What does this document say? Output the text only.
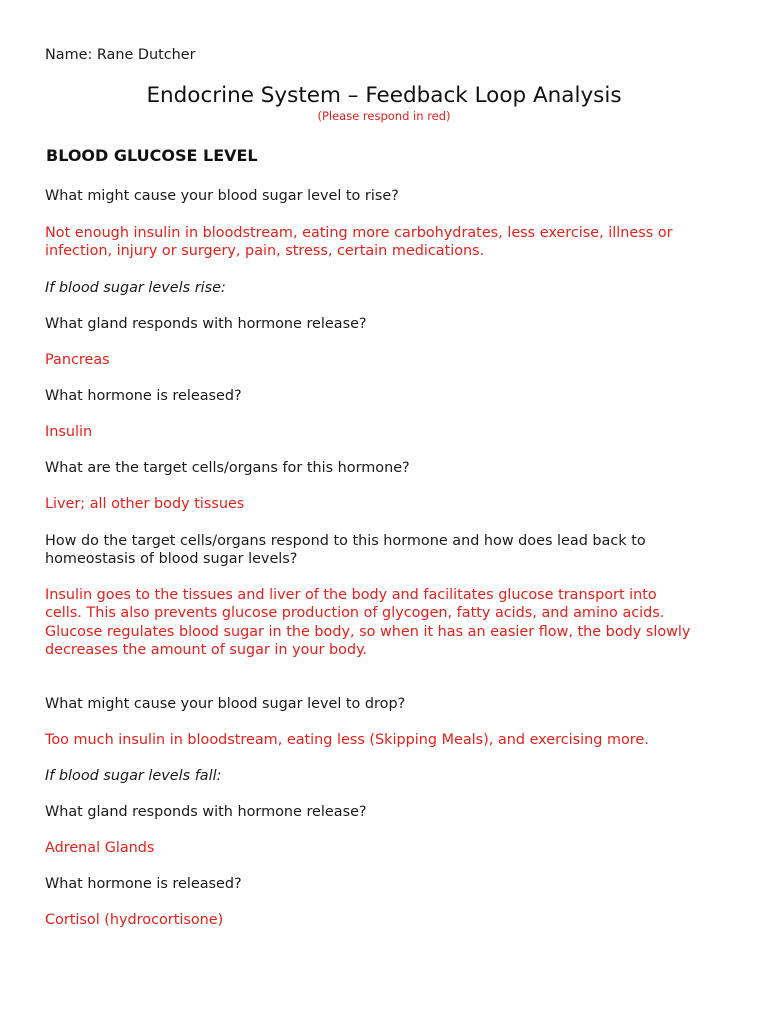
Name: Rane Dutcher

Endocrine System – Feedback Loop Analysis
(Please respond in red)
BLOOD GLUCOSE LEVEL

What might cause your blood sugar level to rise?

Not enough insulin in bloodstream, eating more carbohydrates, less exercise, illness or
infection, injury or surgery, pain, stress, certain medications.

If blood sugar levels rise:

What gland responds with hormone release?

Pancreas

What hormone is released?

Insulin

What are the target cells/organs for this hormone?

Liver; all other body tissues

How do the target cells/organs respond to this hormone and how does lead back to
homeostasis of blood sugar levels?
Insulin goes to the tissues and liver of the body and facilitates glucose transport into
cells. This also prevents glucose production of glycogen, fatty acids, and amino acids.
Glucose regulates blood sugar in the body, so when it has an easier flow, the body slowly
decreases the amount of sugar in your body.

What might cause your blood sugar level to drop?

Too much insulin in bloodstream, eating less (Skipping Meals), and exercising more.

If blood sugar levels fall:

What gland responds with hormone release?

Adrenal Glands

What hormone is released?

Cortisol (hydrocortisone)
